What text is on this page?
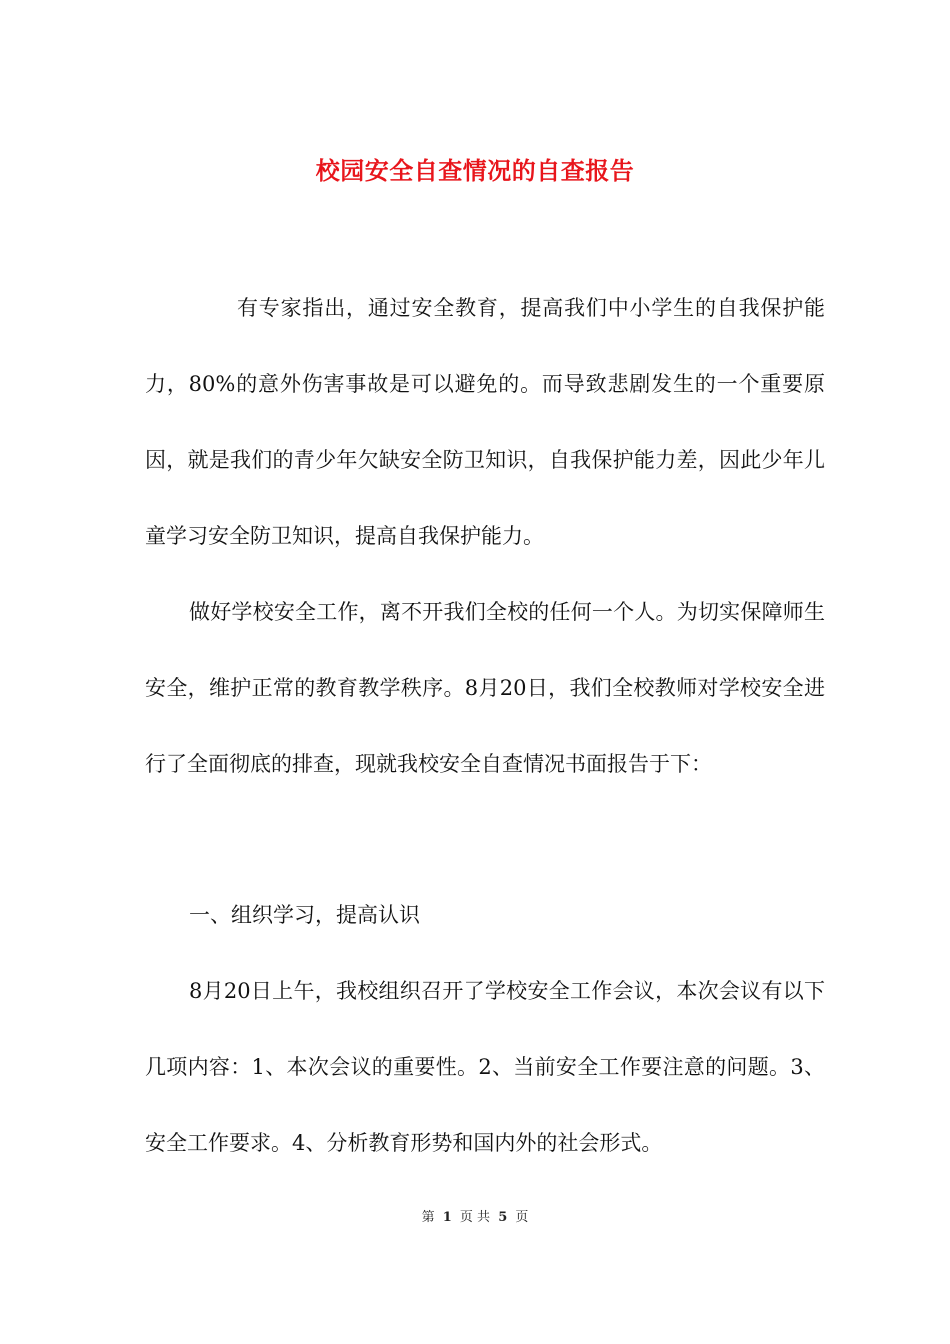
校园安全自查情况的自查报告

有专家指出，通过安全教育，提高我们中小学生的自我保护能力，80%的意外伤害事故是可以避免的。而导致悲剧发生的一个重要原因，就是我们的青少年欠缺安全防卫知识，自我保护能力差，因此少年儿童学习安全防卫知识，提高自我保护能力。

做好学校安全工作，离不开我们全校的任何一个人。为切实保障师生安全，维护正常的教育教学秩序。8月20日，我们全校教师对学校安全进行了全面彻底的排查，现就我校安全自查情况书面报告于下：

一、组织学习，提高认识

8月20日上午，我校组织召开了学校安全工作会议，本次会议有以下几项内容：1、本次会议的重要性。2、当前安全工作要注意的问题。3、安全工作要求。4、分析教育形势和国内外的社会形式。

第 1 页 共 5 页
